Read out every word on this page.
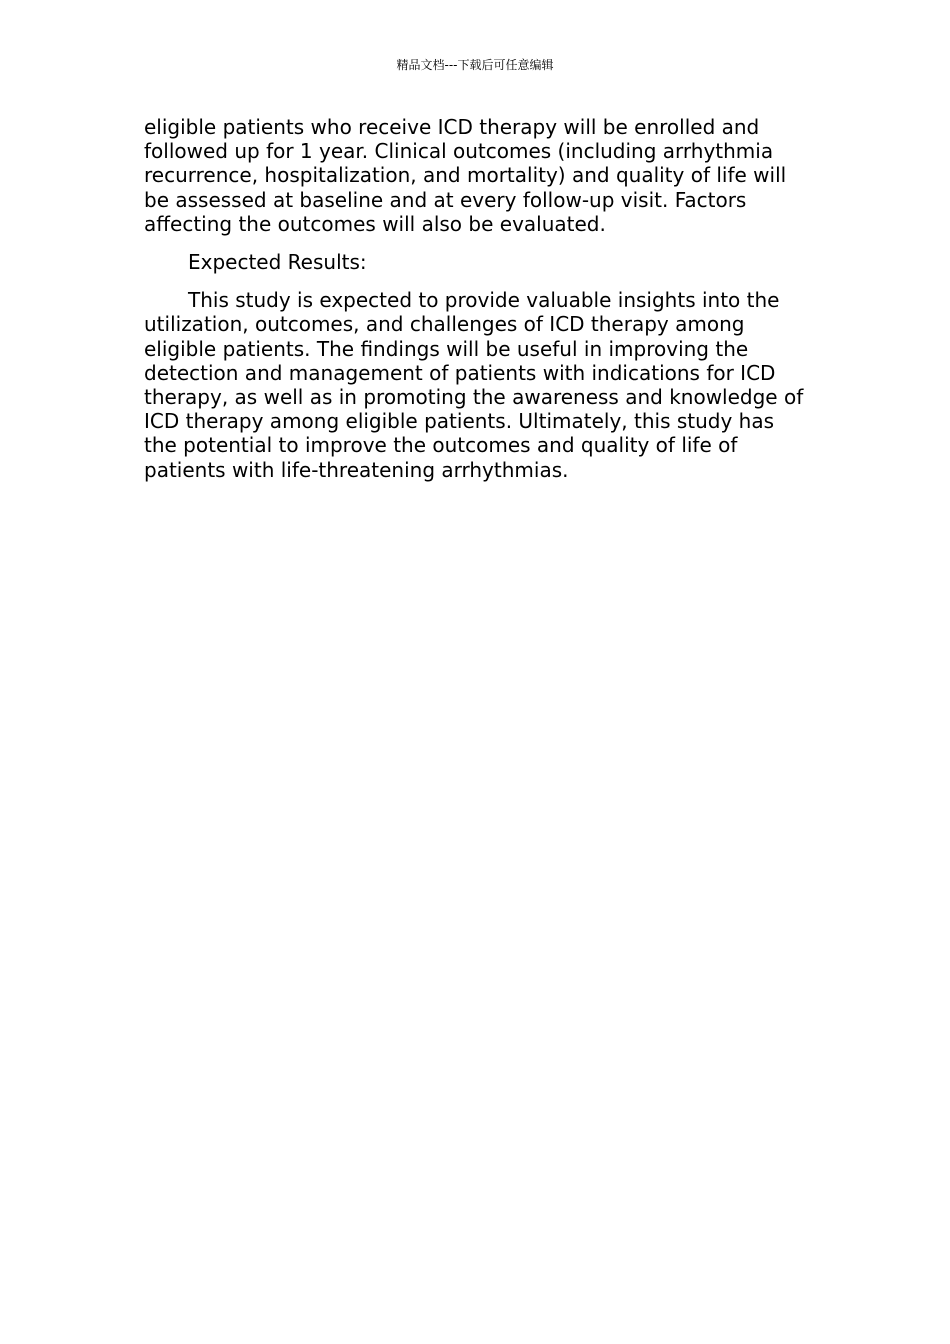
精品文档---下载后可任意编辑

eligible patients who receive ICD therapy will be enrolled and followed up for 1 year. Clinical outcomes (including arrhythmia recurrence, hospitalization, and mortality) and quality of life will be assessed at baseline and at every follow-up visit. Factors affecting the outcomes will also be evaluated.

Expected Results:

This study is expected to provide valuable insights into the utilization, outcomes, and challenges of ICD therapy among eligible patients. The findings will be useful in improving the detection and management of patients with indications for ICD therapy, as well as in promoting the awareness and knowledge of ICD therapy among eligible patients. Ultimately, this study has the potential to improve the outcomes and quality of life of patients with life-threatening arrhythmias.
